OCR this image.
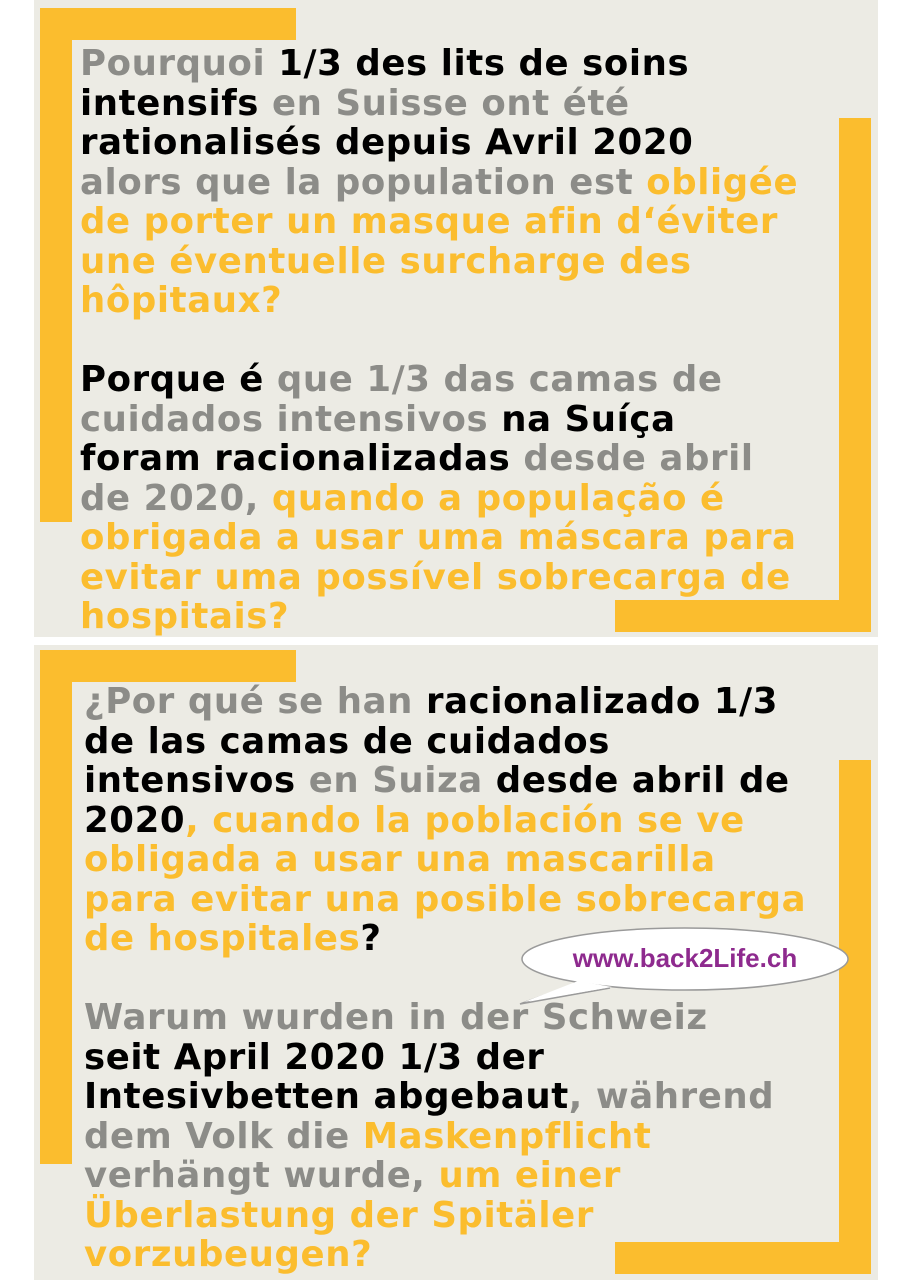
Pourquoi 1/3 des lits de soins
intensifs en Suisse ont été
rationalisés depuis Avril 2020
alors que la population est obligée
de porter un masque afin d‘éviter
une éventuelle surcharge des
hôpitaux?
Porque é que 1/3 das camas de
cuidados intensivos na Suíça
foram racionalizadas desde abril
de 2020, quando a população é
obrigada a usar uma máscara para
evitar uma possível sobrecarga de
hospitais?
¿Por qué se han racionalizado 1/3
de las camas de cuidados
intensivos en Suiza desde abril de
2020, cuando la población se ve
obligada a usar una mascarilla
para evitar una posible sobrecarga
de hospitales?
Warum wurden in der Schweiz
seit April 2020 1/3 der
Intesivbetten abgebaut, während
dem Volk die Maskenpflicht
verhängt wurde, um einer
Überlastung der Spitäler
vorzubeugen?
www.back2Life.ch
